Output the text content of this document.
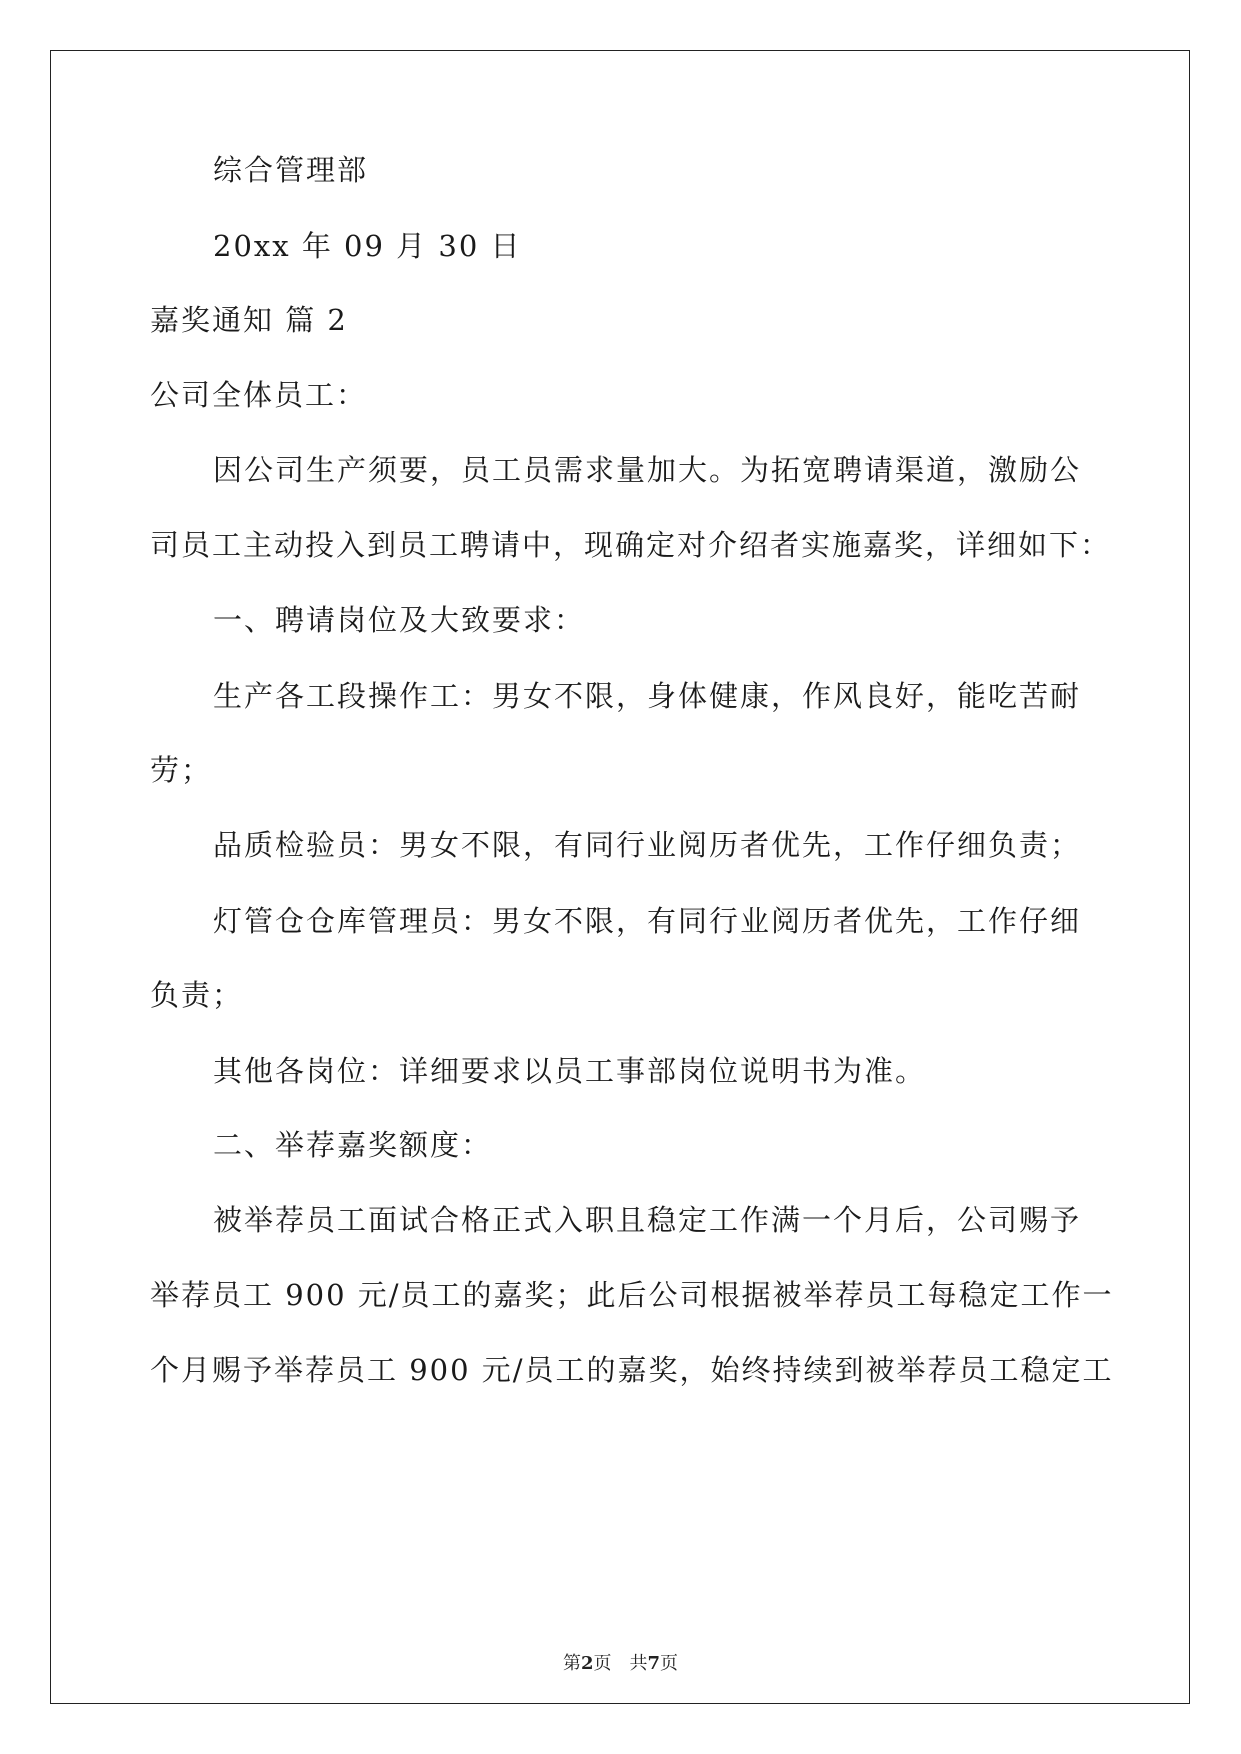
综合管理部
20xx 年 09 月 30 日
嘉奖通知 篇 2
公司全体员工：
因公司生产须要，员工员需求量加大。为拓宽聘请渠道，激励公
司员工主动投入到员工聘请中，现确定对介绍者实施嘉奖，详细如下：
一、聘请岗位及大致要求：
生产各工段操作工：男女不限，身体健康，作风良好，能吃苦耐
劳；
品质检验员：男女不限，有同行业阅历者优先，工作仔细负责；
灯管仓仓库管理员：男女不限，有同行业阅历者优先，工作仔细
负责；
其他各岗位：详细要求以员工事部岗位说明书为准。
二、举荐嘉奖额度：
被举荐员工面试合格正式入职且稳定工作满一个月后，公司赐予
举荐员工 900 元/员工的嘉奖；此后公司根据被举荐员工每稳定工作一
个月赐予举荐员工 900 元/员工的嘉奖，始终持续到被举荐员工稳定工
第2页　共7页
